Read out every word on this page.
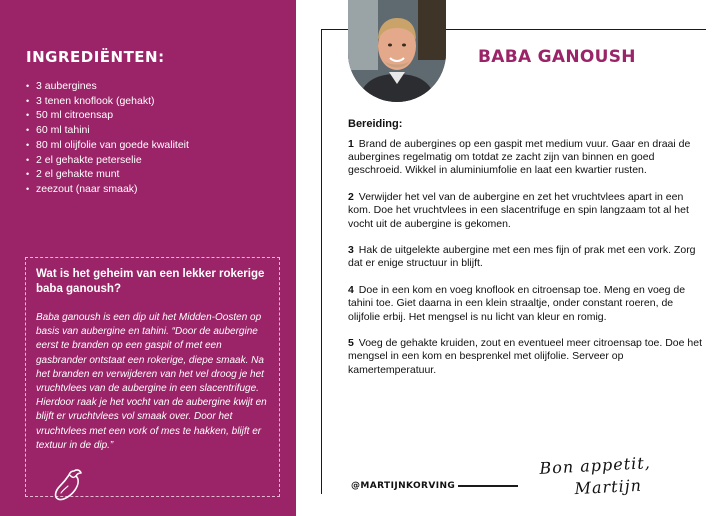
INGREDIËNTEN:
• 3 aubergines
• 3 tenen knoflook (gehakt)
• 50 ml citroensap
• 60 ml tahini
• 80 ml olijfolie van goede kwaliteit
• 2 el gehakte peterselie
• 2 el gehakte munt
• zeezout (naar smaak)
Wat is het geheim van een lekker rokerige baba ganoush?
Baba ganoush is een dip uit het Midden-Oosten op basis van aubergine en tahini. “Door de aubergine eerst te branden op een gaspit of met een gasbrander ontstaat een rokerige, diepe smaak. Na het branden en verwijderen van het vel droog je het vruchtvlees van de aubergine in een slacentrifuge. Hierdoor raak je het vocht van de aubergine kwijt en blijft er vruchtvlees vol smaak over. Door het vruchtvlees met een vork of mes te hakken, blijft er textuur in de dip.”
BABA GANOUSH
Bereiding:

1 Brand de aubergines op een gaspit met medium vuur. Gaar en draai de aubergines regelmatig om totdat ze zacht zijn van binnen en goed geschroeid. Wikkel in aluminiumfolie en laat een kwartier rusten.

2 Verwijder het vel van de aubergine en zet het vruchtvlees apart in een kom. Doe het vruchtvlees in een slacentrifuge en spin langzaam tot al het vocht uit de aubergine is gekomen.

3 Hak de uitgelekte aubergine met een mes fijn of prak met een vork. Zorg dat er enige structuur in blijft.

4 Doe in een kom en voeg knoflook en citroensap toe. Meng en voeg de tahini toe. Giet daarna in een klein straaltje, onder constant roeren, de olijfolie erbij. Het mengsel is nu licht van kleur en romig.

5 Voeg de gehakte kruiden, zout en eventueel meer citroensap toe. Doe het mengsel in een kom en besprenkel met olijfolie. Serveer op kamertemperatuur.

@MARTIJNKORVING
Bon appetit,
Martijn
